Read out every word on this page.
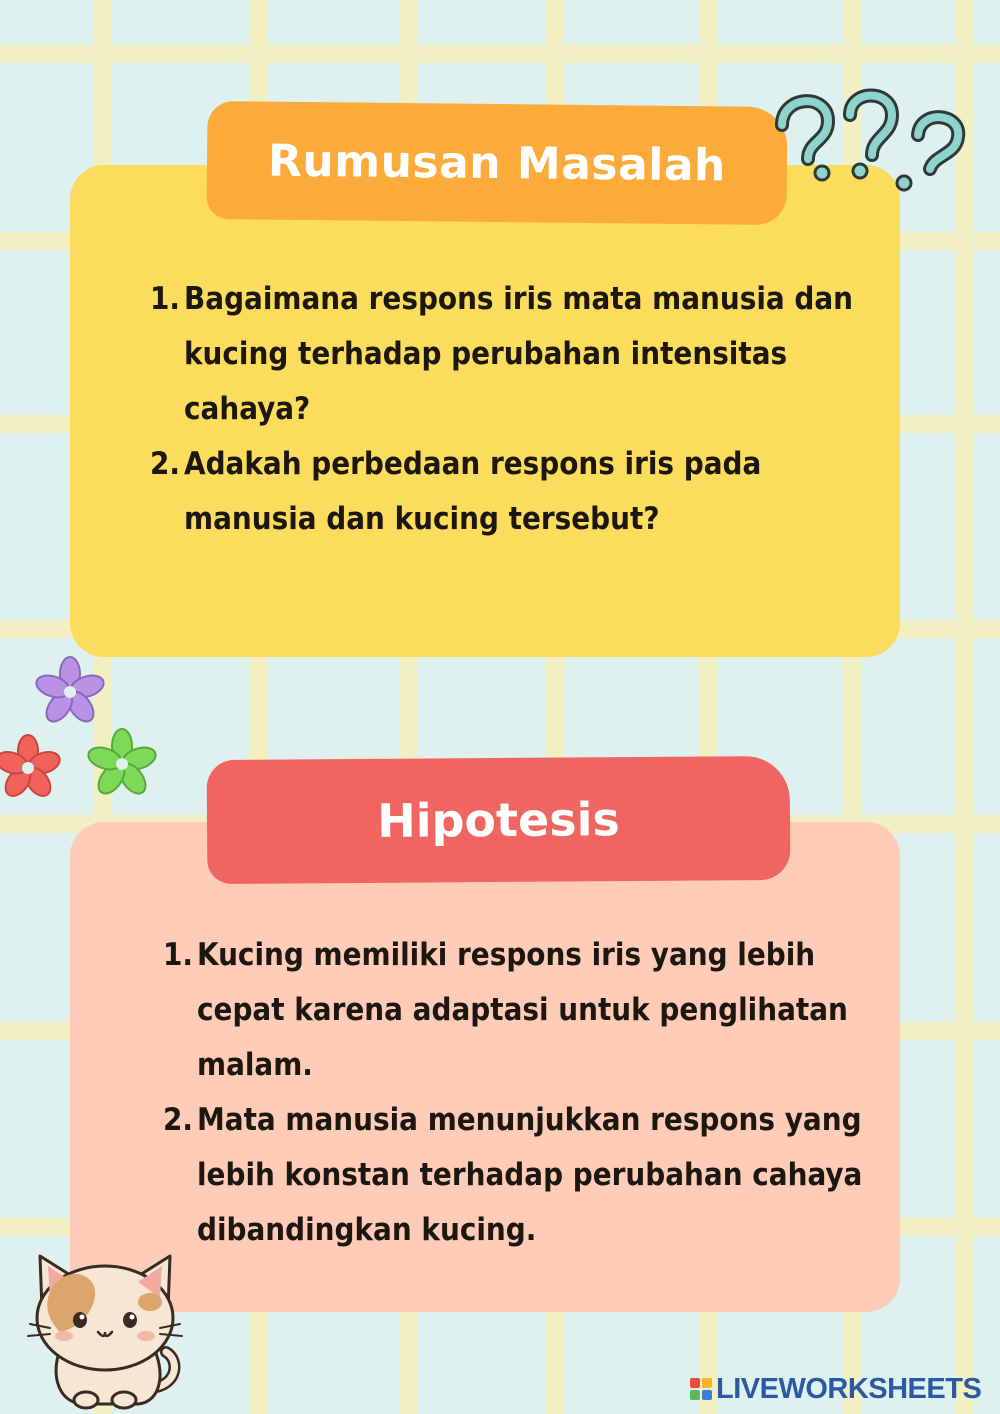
Rumusan Masalah
1. Bagaimana respons iris mata manusia dan kucing terhadap perubahan intensitas cahaya?
2. Adakah perbedaan respons iris pada manusia dan kucing tersebut?
Hipotesis
1. Kucing memiliki respons iris yang lebih cepat karena adaptasi untuk penglihatan malam.
2. Mata manusia menunjukkan respons yang lebih konstan terhadap perubahan cahaya dibandingkan kucing.
LIVEWORKSHEETS
